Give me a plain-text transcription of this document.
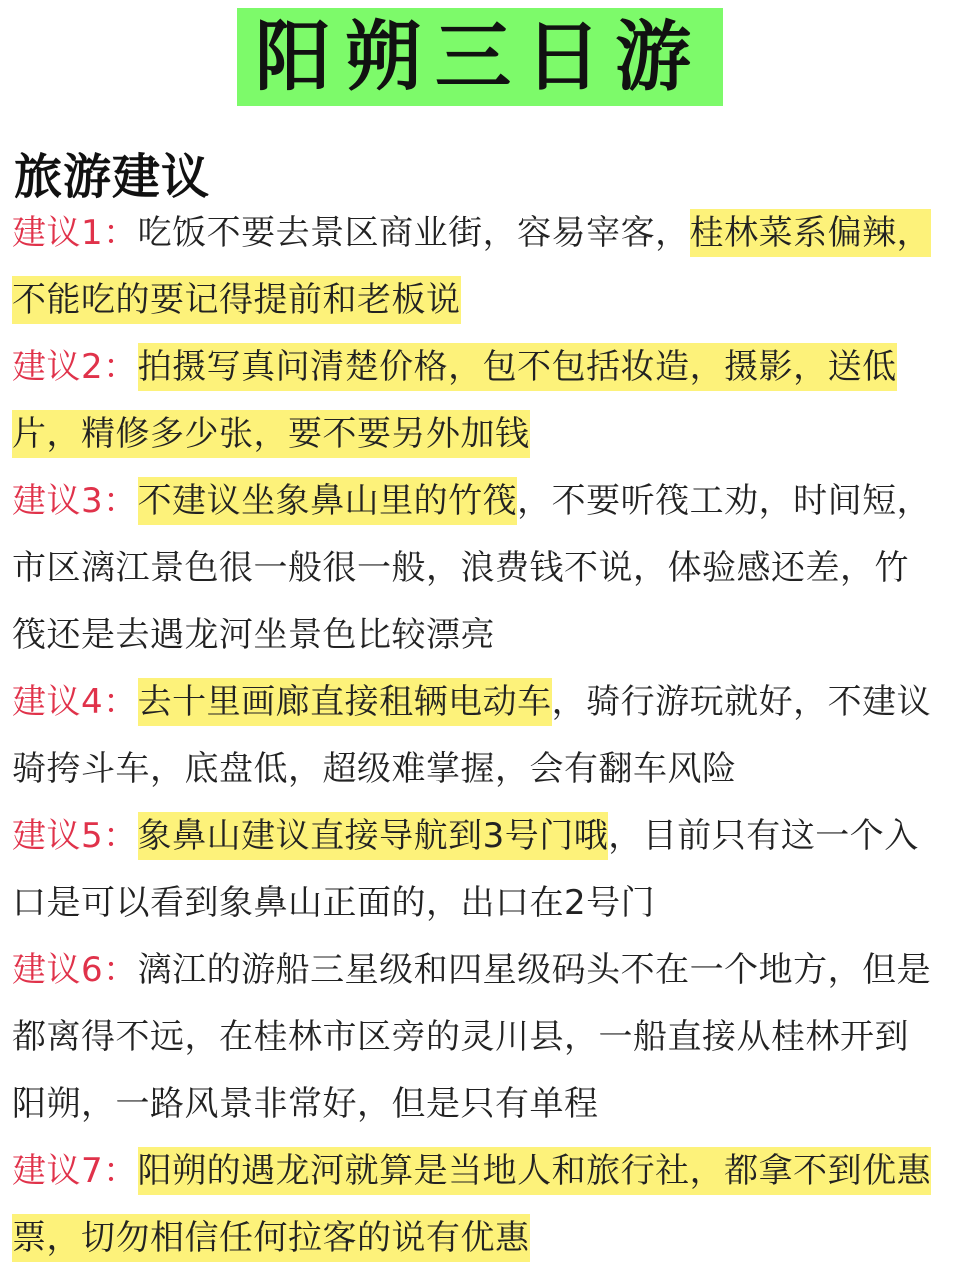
阳朔三日游
旅游建议

建议1：吃饭不要去景区商业街，容易宰客，桂林菜系偏辣，不能吃的要记得提前和老板说

建议2：拍摄写真问清楚价格，包不包括妆造，摄影，送低片，精修多少张，要不要另外加钱

建议3：不建议坐象鼻山里的竹筏，不要听筏工劝，时间短，市区漓江景色很一般很一般，浪费钱不说，体验感还差，竹筏还是去遇龙河坐景色比较漂亮

建议4：去十里画廊直接租辆电动车，骑行游玩就好，不建议骑挎斗车，底盘低，超级难掌握，会有翻车风险

建议5：象鼻山建议直接导航到3号门哦，目前只有这一个入口是可以看到象鼻山正面的，出口在2号门

建议6：漓江的游船三星级和四星级码头不在一个地方，但是都离得不远，在桂林市区旁的灵川县，一船直接从桂林开到阳朔，一路风景非常好，但是只有单程

建议7：阳朔的遇龙河就算是当地人和旅行社，都拿不到优惠票，切勿相信任何拉客的说有优惠
